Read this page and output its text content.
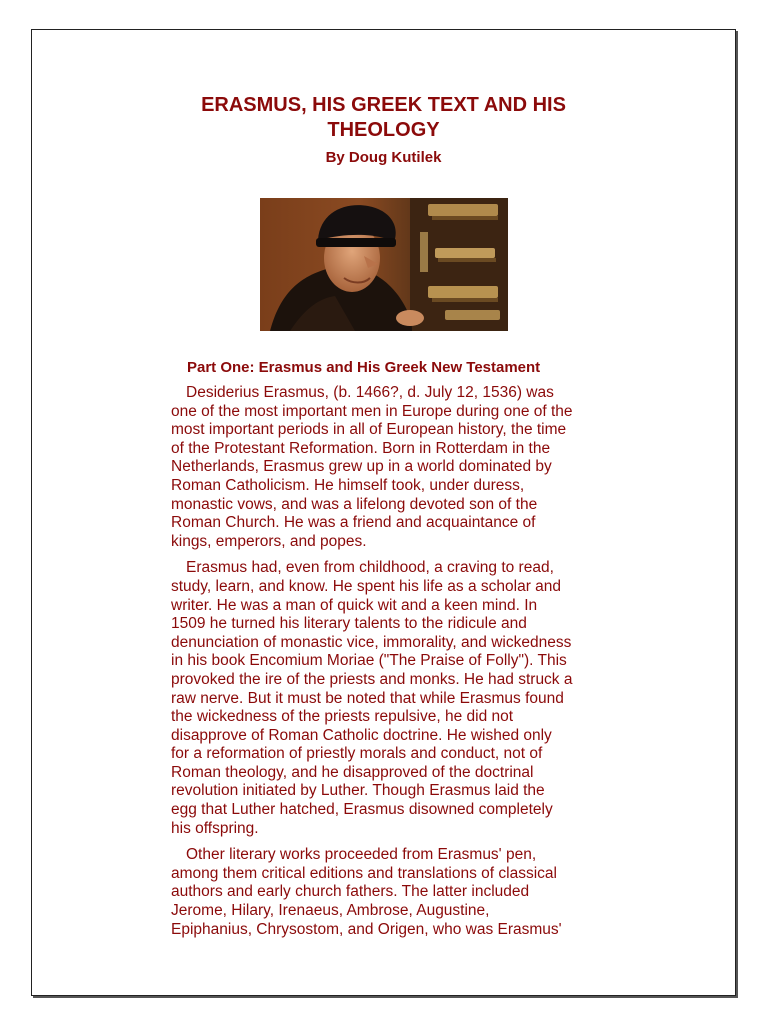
ERASMUS, HIS GREEK TEXT AND HIS
THEOLOGY
By Doug Kutilek
Part One: Erasmus and His Greek New Testament
Desiderius Erasmus, (b. 1466?, d. July 12, 1536) was
one of the most important men in Europe during one of the
most important periods in all of European history, the time
of the Protestant Reformation. Born in Rotterdam in the
Netherlands, Erasmus grew up in a world dominated by
Roman Catholicism. He himself took, under duress,
monastic vows, and was a lifelong devoted son of the
Roman Church. He was a friend and acquaintance of
kings, emperors, and popes.
Erasmus had, even from childhood, a craving to read,
study, learn, and know. He spent his life as a scholar and
writer. He was a man of quick wit and a keen mind. In
1509 he turned his literary talents to the ridicule and
denunciation of monastic vice, immorality, and wickedness
in his book Encomium Moriae ("The Praise of Folly"). This
provoked the ire of the priests and monks. He had struck a
raw nerve. But it must be noted that while Erasmus found
the wickedness of the priests repulsive, he did not
disapprove of Roman Catholic doctrine. He wished only
for a reformation of priestly morals and conduct, not of
Roman theology, and he disapproved of the doctrinal
revolution initiated by Luther. Though Erasmus laid the
egg that Luther hatched, Erasmus disowned completely
his offspring.
Other literary works proceeded from Erasmus' pen,
among them critical editions and translations of classical
authors and early church fathers. The latter included
Jerome, Hilary, Irenaeus, Ambrose, Augustine,
Epiphanius, Chrysostom, and Origen, who was Erasmus'
